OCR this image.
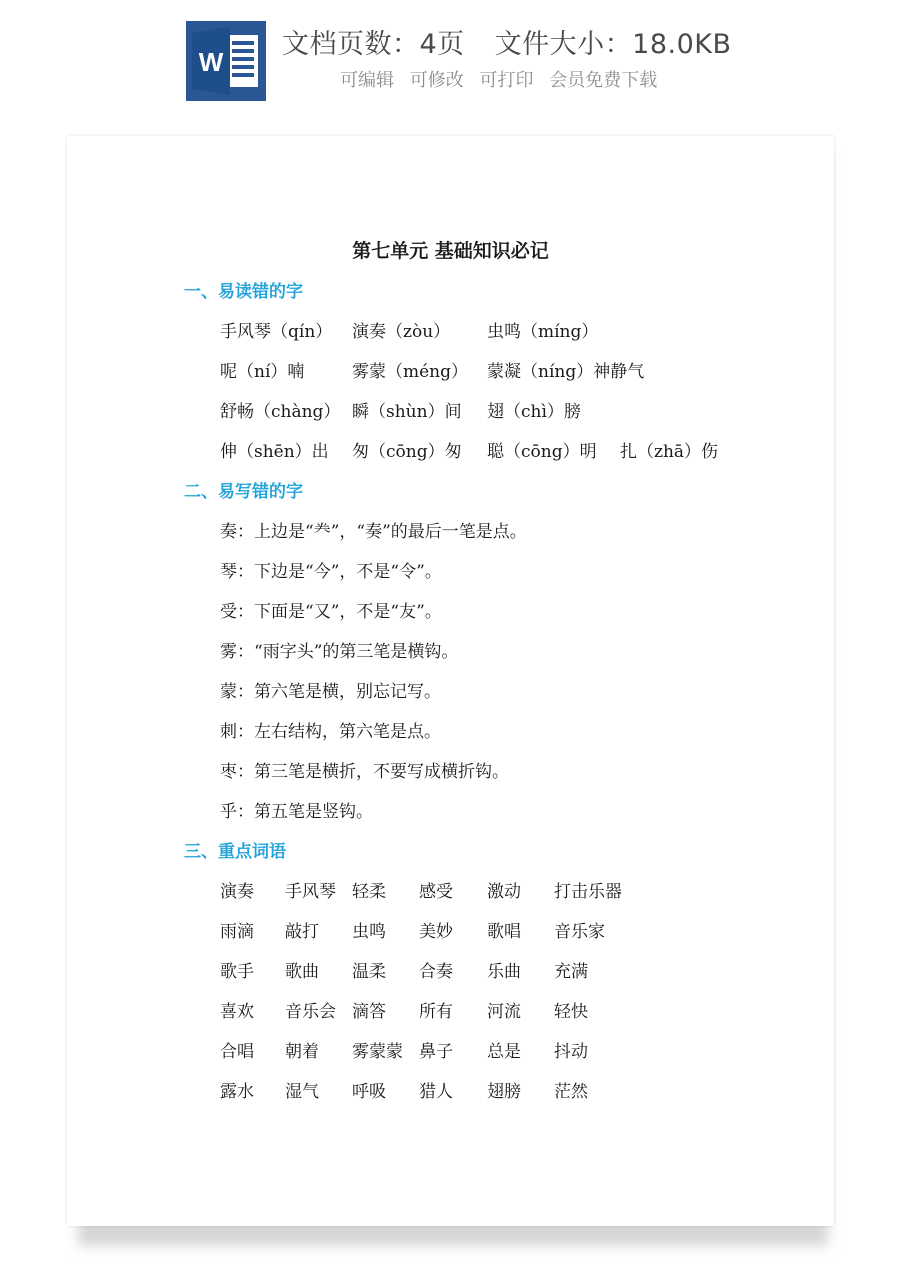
W
文档页数：4页 文件大小：18.0KB
可编辑 可修改 可打印 会员免费下载
第七单元 基础知识必记
一、易读错的字
手风琴（qín） 演奏（zòu） 虫鸣（míng）
呢（ní）喃	雾蒙（méng） 蒙凝（níng）神静气
舒畅（chàng） 瞬（shùn）间 翅（chì）膀
伸（shēn）出 匆（cōng）匆 聪（cōng）明 扎（zhā）伤
二、易写错的字
奏：上边是“龹”，“奏”的最后一笔是点。
琴：下边是“今”，不是“令”。
受：下面是“又”，不是“友”。
雾：“雨字头”的第三笔是横钩。
蒙：第六笔是横，别忘记写。
刺：左右结构，第六笔是点。
枣：第三笔是横折，不要写成横折钩。
乎：第五笔是竖钩。
三、重点词语
演奏 手风琴 轻柔 感受 激动 打击乐器
雨滴 敲打 虫鸣 美妙 歌唱 音乐家
歌手 歌曲 温柔 合奏 乐曲 充满
喜欢 音乐会 滴答 所有 河流 轻快
合唱 朝着 雾蒙蒙 鼻子 总是 抖动
露水 湿气 呼吸 猎人 翅膀 茫然
